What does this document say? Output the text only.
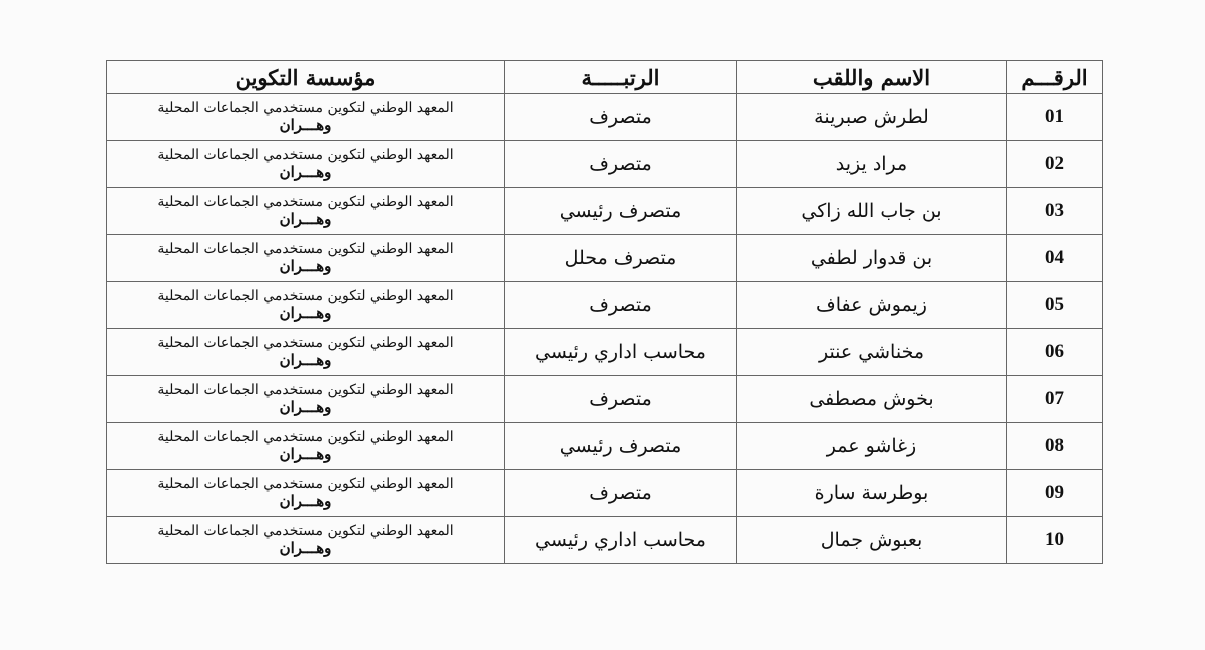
الرقـــم	الاسم واللقب	الرتبـــــة	مؤسسة التكوين
01	لطرش صبرينة	متصرف	المعهد الوطني لتكوين مستخدمي الجماعات المحلية
وهـــران

02	مراد يزيد	متصرف	المعهد الوطني لتكوين مستخدمي الجماعات المحلية
وهـــران

03	بن جاب الله زاكي	متصرف رئيسي	المعهد الوطني لتكوين مستخدمي الجماعات المحلية
وهـــران

04	بن قدوار لطفي	متصرف محلل	المعهد الوطني لتكوين مستخدمي الجماعات المحلية
وهـــران

05	زيموش عفاف	متصرف	المعهد الوطني لتكوين مستخدمي الجماعات المحلية
وهـــران

06	مخناشي عنتر	محاسب اداري رئيسي	المعهد الوطني لتكوين مستخدمي الجماعات المحلية
وهـــران

07	بخوش مصطفى	متصرف	المعهد الوطني لتكوين مستخدمي الجماعات المحلية
وهـــران

08	زغاشو عمر	متصرف رئيسي	المعهد الوطني لتكوين مستخدمي الجماعات المحلية
وهـــران

09	بوطرسة سارة	متصرف	المعهد الوطني لتكوين مستخدمي الجماعات المحلية
وهـــران

10	بعبوش جمال	محاسب اداري رئيسي	المعهد الوطني لتكوين مستخدمي الجماعات المحلية
وهـــران
